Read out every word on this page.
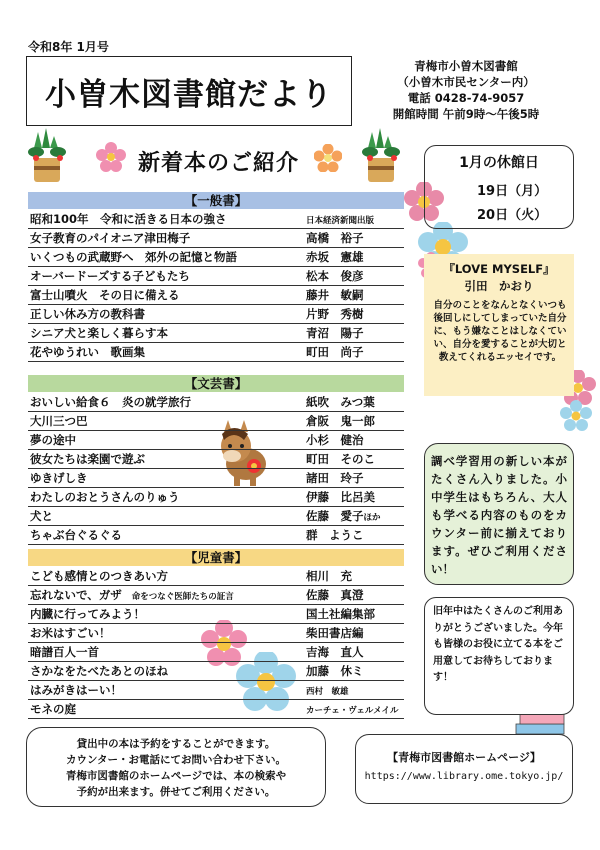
令和8年 1月号
小曽木図書館だより
青梅市小曽木図書館
（小曽木市民センター内）
電話 0428-74-9057
開館時間 午前9時～午後5時
新着本のご紹介
【一般書】
昭和100年　令和に活きる日本の強さ	日本経済新聞出版
女子教育のパイオニア津田梅子	高橋　裕子
いくつもの武蔵野へ　郊外の記憶と物語	赤坂　憲雄
オーバードーズする子どもたち	松本　俊彦
富士山噴火　その日に備える	藤井　敏嗣
正しい休み方の教科書	片野　秀樹
シニア犬と楽しく暮らす本	青沼　陽子
花やゆうれい　歌画集	町田　尚子
【文芸書】
おいしい給食６　炎の就学旅行	紙吹　みつ葉
大川三つ巴	倉阪　鬼一郎
夢の途中	小杉　健治
彼女たちは楽園で遊ぶ	町田　そのこ
ゆきげしき	諸田　玲子
わたしのおとうさんのりゅう	伊藤　比呂美
犬と	佐藤　愛子ほか
ちゃぶ台ぐるぐる	群　ようこ
【児童書】
こども感情とのつきあい方	相川　充
忘れないで、ガザ 命をつなぐ医師たちの証言	佐藤　真澄
内臓に行ってみよう！	国土社編集部
お米はすごい！	柴田書店編
暗譜百人一首	吉海　直人
さかなをたべたあとのほね	加藤　休ミ
はみがきはーい！	西村　敏雄
モネの庭	カーチェ・ヴェルメイル
1月の休館日
19日（月）
20日（火）
『LOVE MYSELF』
引田　かおり
自分のことをなんとなくいつも後回しにしてしまっていた自分に、もう嫌なことはしなくていい、自分を愛することが大切と教えてくれるエッセイです。
調べ学習用の新しい本がたくさん入りました。小中学生はもちろん、大人も学べる内容のものをカウンター前に揃えております。ぜひご利用ください！
旧年中はたくさんのご利用ありがとうございました。今年も皆様のお役に立てる本をご用意してお待ちしております！
貸出中の本は予約をすることができます。
カウンター・お電話にてお問い合わせ下さい。
青梅市図書館のホームページでは、本の検索や
予約が出来ます。併せてご利用ください。
【青梅市図書館ホームページ】
https://www.library.ome.tokyo.jp/
